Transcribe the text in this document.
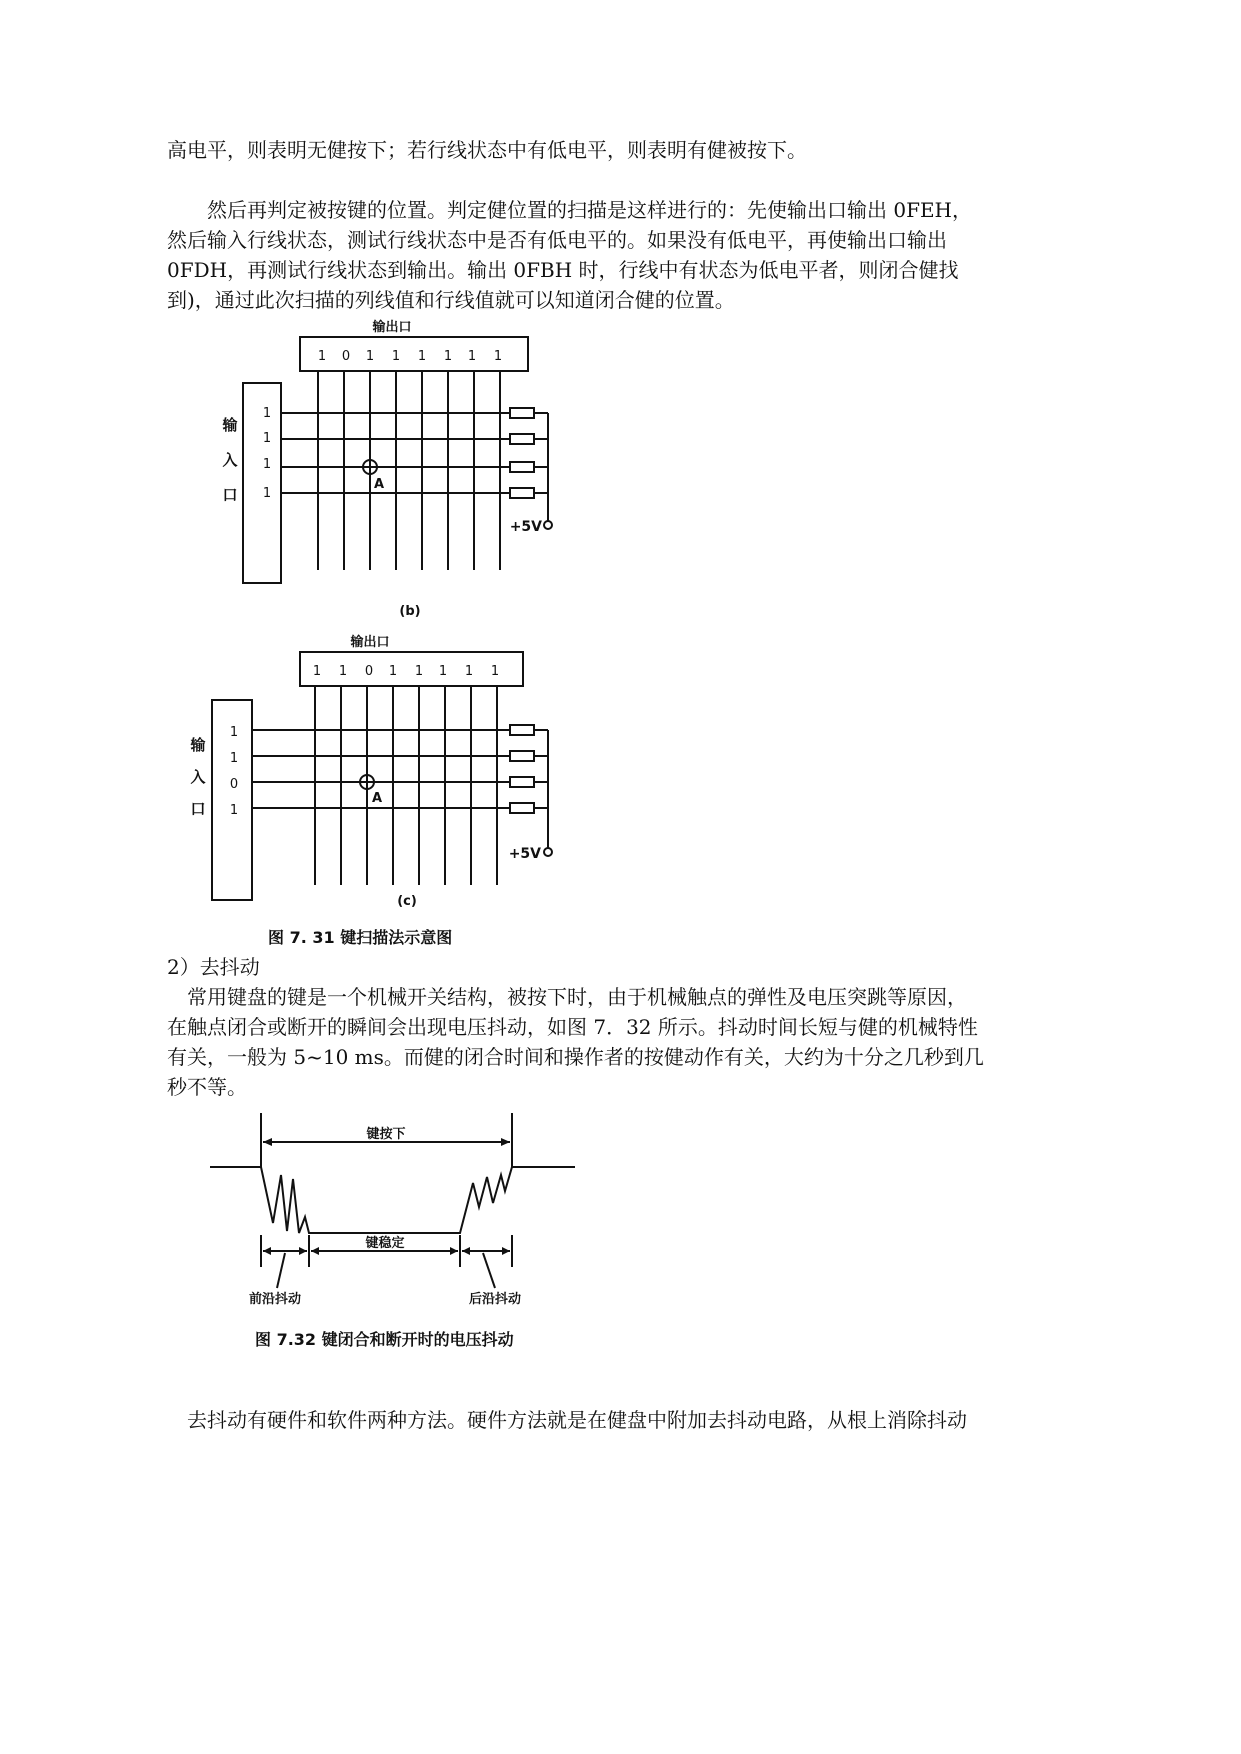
高电平，则表明无健按下；若行线状态中有低电平，则表明有健被按下。
然后再判定被按键的位置。判定健位置的扫描是这样进行的：先使输出口输出 0FEH，
然后输入行线状态，测试行线状态中是否有低电平的。如果没有低电平，再使输出口输出
0FDH，再测试行线状态到输出。输出 0FBH 时，行线中有状态为低电平者，则闭合健找
到)，通过此次扫描的列线值和行线值就可以知道闭合健的位置。
输出口
1 0 1 1 1 1 1 1
输
入
口
1
1
1
1
+5V
A
(b)
输出口
1 1 0 1 1 1 1 1
输
入
口
1
1
0
1
+5V
A
(c)
图 7. 31 键扫描法示意图
2）去抖动
常用键盘的键是一个机械开关结构，被按下时，由于机械触点的弹性及电压突跳等原因，
在触点闭合或断开的瞬间会出现电压抖动，如图 7．32 所示。抖动时间长短与健的机械特性
有关，一般为 5~10 ms。而健的闭合时间和操作者的按健动作有关，大约为十分之几秒到几
秒不等。
键按下
键稳定
前沿抖动	后沿抖动
图 7.32 键闭合和断开时的电压抖动
去抖动有硬件和软件两种方法。硬件方法就是在健盘中附加去抖动电路，从根上消除抖动
